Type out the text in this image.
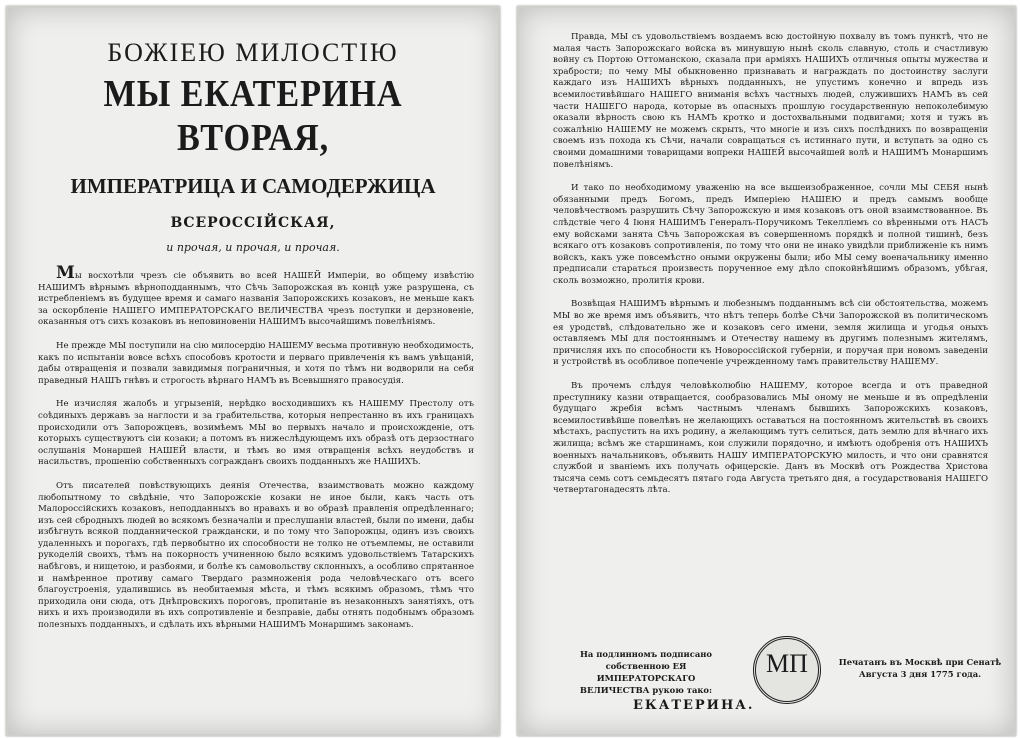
БОЖІЕЮ МИЛОСТІЮ
МЫ ЕКАТЕРИНА ВТОРАЯ,
ИМПЕРАТРИЦА И САМОДЕРЖИЦА
ВСЕРОССІЙСКАЯ,
и прочая, и прочая, и прочая.

Мы восхотѣли чрезъ сіе объявить во всей НАШЕЙ Имперіи, во общему извѣстію НАШИМЪ вѣрнымъ вѣрноподданнымъ, что Сѣчь Запорожская въ концѣ уже разрушена, съ истребленіемъ въ будущее время и самаго названія Запорожскихъ козаковъ, не меньше какъ за оскорбленіе НАШЕГО ИМПЕРАТОРСКАГО ВЕЛИЧЕСТВА чрезъ поступки и дерзновеніе, оказанныя отъ сихъ козаковъ въ неповиновеніи НАШИМЪ высочайшимъ повелѣніямъ.

Не прежде МЫ поступили на сію милосердію НАШЕМУ весьма противную необходимость, какъ по испытаніи вовсе всѣхъ способовъ кротости и перваго привлеченія къ вамъ увѣщаній, дабы отвращенія и позвали завидимыя пограничныя, и хотя по тѣмъ ни водворили на себя праведный НАШЪ гнѣвъ и строгость вѣрнаго НАМЪ въ Всевышняго правосудія.

Не изчисляя жалобъ и угрызеній, нерѣдко восходившихъ къ НАШЕМУ Престолу отъ соѣдиныхъ державъ за наглости и за грабительства, которыя непрестанно въ ихъ границахъ происходили отъ Запорожцевъ, возимѣемъ МЫ во первыхъ начало и происхожденіе, отъ которыхъ существуютъ сіи козаки; а потомъ въ нижеслѣдующемъ ихъ образѣ отъ дерзостнаго ослушанія Монаршей НАШЕЙ власти, и тѣмъ во имя отвращенія всѣхъ неудобствъ и насильствъ, прошенію собственныхъ согражданъ своихъ подданныхъ же НАШИХЪ.

Отъ писателей повѣствующихъ деянія Отечества, взаимствовать можно каждому любопытному то свѣдѣніе, что Запорожскіе козаки не иное были, какъ часть отъ Малороссійскихъ козаковъ, неподданныхъ во нравахъ и во образѣ правленія опредѣленнаго; изъ сей сбродныхъ людей во всякомъ безначаліи и преслушаніи властей, были по имени, дабы избѣгнуть всякой подданнической граждански, и по тому что Запорожцы, одинъ изъ своихъ удаленныхъ и порогахъ, гдѣ первобытно их способности не толко не отъемлемы, не оставили рукоделій своихъ, тѣмъ на покорность учиненною было всякимъ удовольствіемъ Татарскихъ набѣговъ, и нищетою, и разбоями, и болѣе къ самовольству склонныхъ, а особливо спрятанное и намѣренное противу самаго Твердаго размноженія рода человѣческаго отъ всего благоустроенія, удалившись въ необитаемыя мѣста, и тѣмъ всякимъ образомъ, тѣмъ что приходила они сюда, отъ Днѣпровскихъ пороговъ, пропитаніе въ незаконныхъ занятіяхъ, отъ нихъ и ихъ производили въ ихъ сопротивленіе и безправіе, дабы отнять подобнымъ образомъ полезныхъ подданныхъ, и сдѣлать ихъ вѣрными НАШИМЪ Монаршимъ законамъ.

Правда, МЫ съ удовольствіемъ воздаемъ всю достойную похвалу въ томъ пунктѣ, что не малая часть Запорожскаго войска въ минувшую нынѣ сколь славную, столь и счастливую войну съ Портою Оттоманскою, сказала при арміяхъ НАШИХЪ отличныя опыты мужества и храбрости; по чему МЫ обыкновенно признавать и награждать по достоинству заслуги каждаго изъ НАШИХЪ вѣрныхъ подданныхъ, не упустимъ конечно и впредь изъ всемилостивѣйшаго НАШЕГО вниманія всѣхъ частныхъ людей, служившихъ НАМЪ въ сей части НАШЕГО народа, которые въ опасныхъ прошлую государственную непоколебимую оказали вѣрность свою къ НАМЪ кротко и достохвальными подвигами; хотя и тужъ въ сожалѣнію НАШЕМУ не можемъ скрыть, что многіе и изъ сихъ послѣднихъ по возвращеніи своемъ изъ похода къ Сѣчи, начали совращаться съ истиннаго пути, и вступать за одно съ своими домашними товарищами вопреки НАШЕЙ высочайшей волѣ и НАШИМЪ Монаршимъ повелѣніямъ.

И тако по необходимому уваженію на все вышеизображенное, сочли МЫ СЕБЯ нынѣ обязанными предъ Богомъ, предъ Имперіею НАШЕЮ и предъ самымъ вообще человѣчествомъ разрушить Сѣчу Запорожскую и имя козаковъ отъ оной взаимствованное. Въ слѣдствіе чего 4 Іюня НАШИМЪ Генералъ-Поручикомъ Текеллiемъ со вѣренными отъ НАСЪ ему войсками занята Сѣчь Запорожская въ совершенномъ порядкѣ и полной тишинѣ, безъ всякаго отъ козаковъ сопротивленія, по тому что они не инако увидѣли приближеніе къ нимъ войскъ, какъ уже повсемѣстно оными окружены были; ибо МЫ сему военачальнику именно предписали стараться произвесть порученное ему дѣло спокойнѣйшимъ образомъ, убѣгая, сколь возможно, пролитія крови.

Возвѣщая НАШИМЪ вѣрнымъ и любезнымъ подданнымъ всѣ сіи обстоятельства, можемъ МЫ во же время имъ объявить, что нѣтъ теперь болѣе Сѣчи Запорожской въ политическомъ ея уродствѣ, слѣдовательно же и козаковъ сего имени, земля жилища и угодья оныхъ оставляемъ МЫ для постояннымъ и Отечеству нашему въ другимъ полезнымъ жителямъ, причисляя ихъ по способности къ Новороссійской губерніи, и поручая при новомъ заведеніи и устройствѣ въ особливое попеченіе учрежденному тамъ правительству НАШЕМУ.

Въ прочемъ слѣдуя человѣколюбію НАШЕМУ, которое всегда и отъ праведной преступнику казни отвращается, сообразовались МЫ оному не меньше и въ опредѣленіи будущаго жребія всѣмъ частнымъ членамъ бывшихъ Запорожскихъ козаковъ, всемилостивѣйше повелѣвъ не желающихъ оставаться на постоянномъ жительствѣ въ своихъ мѣстахъ, распустить на ихъ родину, а желающимъ тутъ селиться, дать землю для вѣчнаго ихъ жилища; всѣмъ же старшинамъ, кои служили порядочно, и имѣютъ одобренія отъ НАШИХЪ военныхъ начальниковъ, объявить НАШУ ИМПЕРАТОРСКУЮ милость, и что они сравнятся службой и званіемъ ихъ получать офицерскіе. Данъ въ Москвѣ отъ Рождества Христова тысяча семь сотъ семьдесятъ пятаго года Августа третьяго дня, а государствованія НАШЕГО четвертагонадесять лѣта.

На подлинномъ подписано собственною ЕЯ ИМПЕРАТОРСКАГО ВЕЛИЧЕСТВА рукою тако:
ЕКАТЕРИНА.
МП	Печатанъ въ Москвѣ при Сенатѣ Августа 3 дня 1775 года.
